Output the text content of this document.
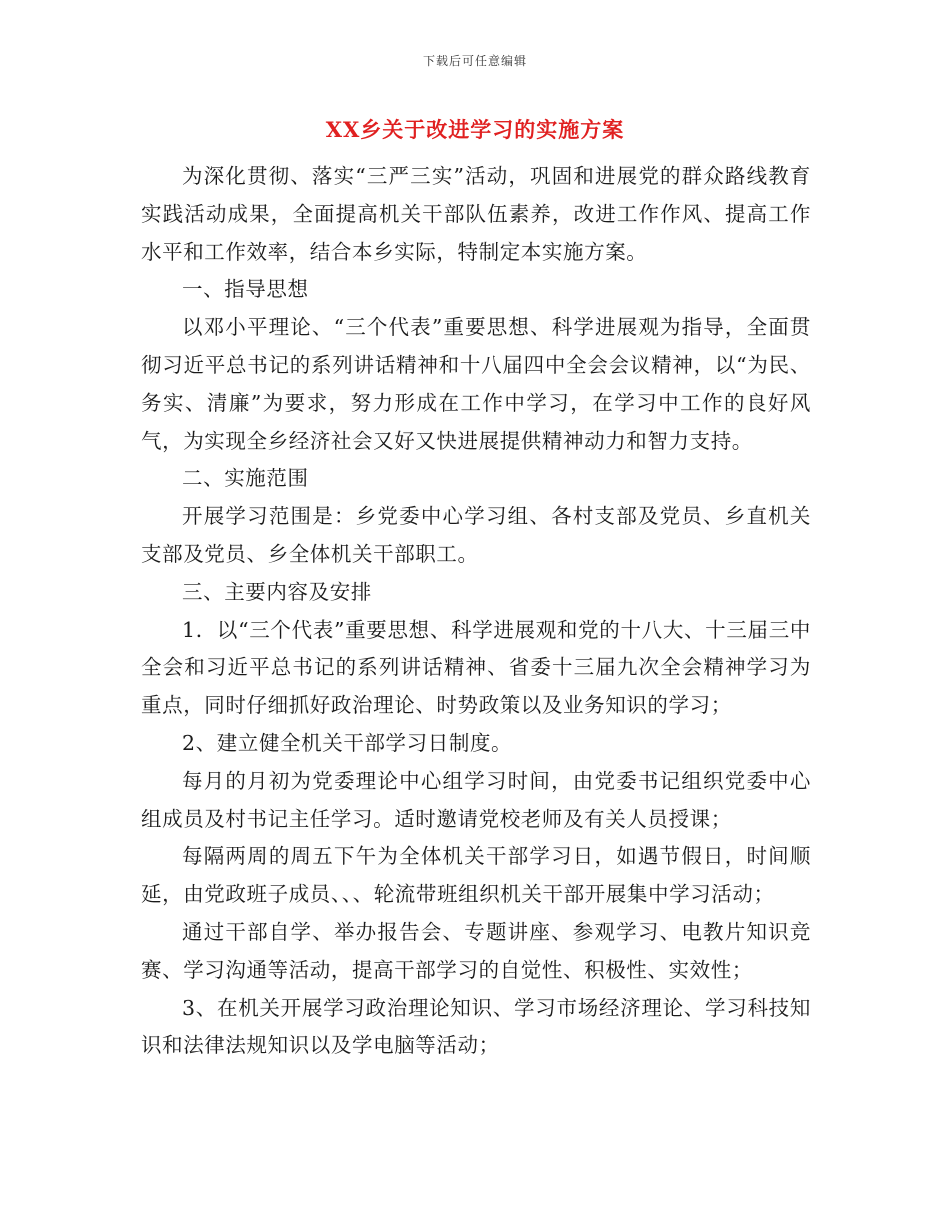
下载后可任意编辑
XX乡关于改进学习的实施方案

为深化贯彻、落实“三严三实”活动，巩固和进展党的群众路线教育实践活动成果，全面提高机关干部队伍素养，改进工作作风、提高工作水平和工作效率，结合本乡实际，特制定本实施方案。

一、指导思想

以邓小平理论、“三个代表”重要思想、科学进展观为指导，全面贯彻习近平总书记的系列讲话精神和十八届四中全会会议精神，以“为民、务实、清廉”为要求，努力形成在工作中学习，在学习中工作的良好风气，为实现全乡经济社会又好又快进展提供精神动力和智力支持。

二、实施范围

开展学习范围是：乡党委中心学习组、各村支部及党员、乡直机关支部及党员、乡全体机关干部职工。

三、主要内容及安排

1．以“三个代表”重要思想、科学进展观和党的十八大、十三届三中全会和习近平总书记的系列讲话精神、省委十三届九次全会精神学习为重点，同时仔细抓好政治理论、时势政策以及业务知识的学习；

2、建立健全机关干部学习日制度。

每月的月初为党委理论中心组学习时间，由党委书记组织党委中心组成员及村书记主任学习。适时邀请党校老师及有关人员授课；

每隔两周的周五下午为全体机关干部学习日，如遇节假日，时间顺延，由党政班子成员、、、轮流带班组织机关干部开展集中学习活动；

通过干部自学、举办报告会、专题讲座、参观学习、电教片知识竞赛、学习沟通等活动，提高干部学习的自觉性、积极性、实效性；

3、在机关开展学习政治理论知识、学习市场经济理论、学习科技知识和法律法规知识以及学电脑等活动；
